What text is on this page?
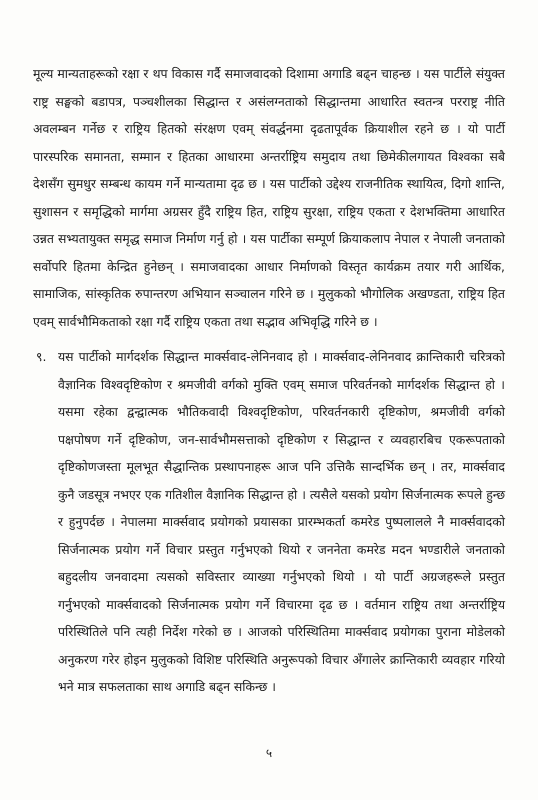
मूल्य मान्यताहरूको रक्षा र थप विकास गर्दै समाजवादको दिशामा अगाडि बढ्न चाहन्छ । यस पार्टीले संयुक्त राष्ट्र सङ्घको बडापत्र, पञ्चशीलका सिद्धान्त र असंलग्नताको सिद्धान्तमा आधारित स्वतन्त्र परराष्ट्र नीति अवलम्बन गर्नेछ र राष्ट्रिय हितको संरक्षण एवम् संवर्द्धनमा दृढतापूर्वक क्रियाशील रहने छ । यो पार्टी पारस्परिक समानता, सम्मान र हितका आधारमा अन्तर्राष्ट्रिय समुदाय तथा छिमेकीलगायत विश्वका सबै देशसँग सुमधुर सम्बन्ध कायम गर्ने मान्यतामा दृढ छ । यस पार्टीको उद्देश्य राजनीतिक स्थायित्व, दिगो शान्ति, सुशासन र समृद्धिको मार्गमा अग्रसर हुँदै राष्ट्रिय हित, राष्ट्रिय सुरक्षा, राष्ट्रिय एकता र देशभक्तिमा आधारित उन्नत सभ्यतायुक्त समृद्ध समाज निर्माण गर्नु हो । यस पार्टीका सम्पूर्ण क्रियाकलाप नेपाल र नेपाली जनताको सर्वोपरि हितमा केन्द्रित हुनेछन् । समाजवादका आधार निर्माणको विस्तृत कार्यक्रम तयार गरी आर्थिक, सामाजिक, सांस्कृतिक रुपान्तरण अभियान सञ्चालन गरिने छ । मुलुकको भौगोलिक अखण्डता, राष्ट्रिय हित एवम् सार्वभौमिकताको रक्षा गर्दै राष्ट्रिय एकता तथा सद्भाव अभिवृद्धि गरिने छ ।

९. यस पार्टीको मार्गदर्शक सिद्धान्त मार्क्सवाद-लेनिनवाद हो । मार्क्सवाद-लेनिनवाद क्रान्तिकारी चरित्रको वैज्ञानिक विश्वदृष्टिकोण र श्रमजीवी वर्गको मुक्ति एवम् समाज परिवर्तनको मार्गदर्शक सिद्धान्त हो । यसमा रहेका द्वन्द्वात्मक भौतिकवादी विश्वदृष्टिकोण, परिवर्तनकारी दृष्टिकोण, श्रमजीवी वर्गको पक्षपोषण गर्ने दृष्टिकोण, जन-सार्वभौमसत्ताको दृष्टिकोण र सिद्धान्त र व्यवहारबिच एकरूपताको दृष्टिकोणजस्ता मूलभूत सैद्धान्तिक प्रस्थापनाहरू आज पनि उत्तिकै सान्दर्भिक छन् । तर, मार्क्सवाद कुनै जडसूत्र नभएर एक गतिशील वैज्ञानिक सिद्धान्त हो । त्यसैले यसको प्रयोग सिर्जनात्मक रूपले हुन्छ र हुनुपर्दछ । नेपालमा मार्क्सवाद प्रयोगको प्रयासका प्रारम्भकर्ता कमरेड पुष्पलालले नै मार्क्सवादको सिर्जनात्मक प्रयोग गर्ने विचार प्रस्तुत गर्नुभएको थियो र जननेता कमरेड मदन भण्डारीले जनताको बहुदलीय जनवादमा त्यसको सविस्तार व्याख्या गर्नुभएको थियो । यो पार्टी अग्रजहरूले प्रस्तुत गर्नुभएको मार्क्सवादको सिर्जनात्मक प्रयोग गर्ने विचारमा दृढ छ । वर्तमान राष्ट्रिय तथा अन्तर्राष्ट्रिय परिस्थितिले पनि त्यही निर्देश गरेको छ । आजको परिस्थितिमा मार्क्सवाद प्रयोगका पुराना मोडेलको अनुकरण गरेर होइन मुलुकको विशिष्ट परिस्थिति अनुरूपको विचार अँगालेर क्रान्तिकारी व्यवहार गरियो भने मात्र सफलताका साथ अगाडि बढ्न सकिन्छ ।

५
